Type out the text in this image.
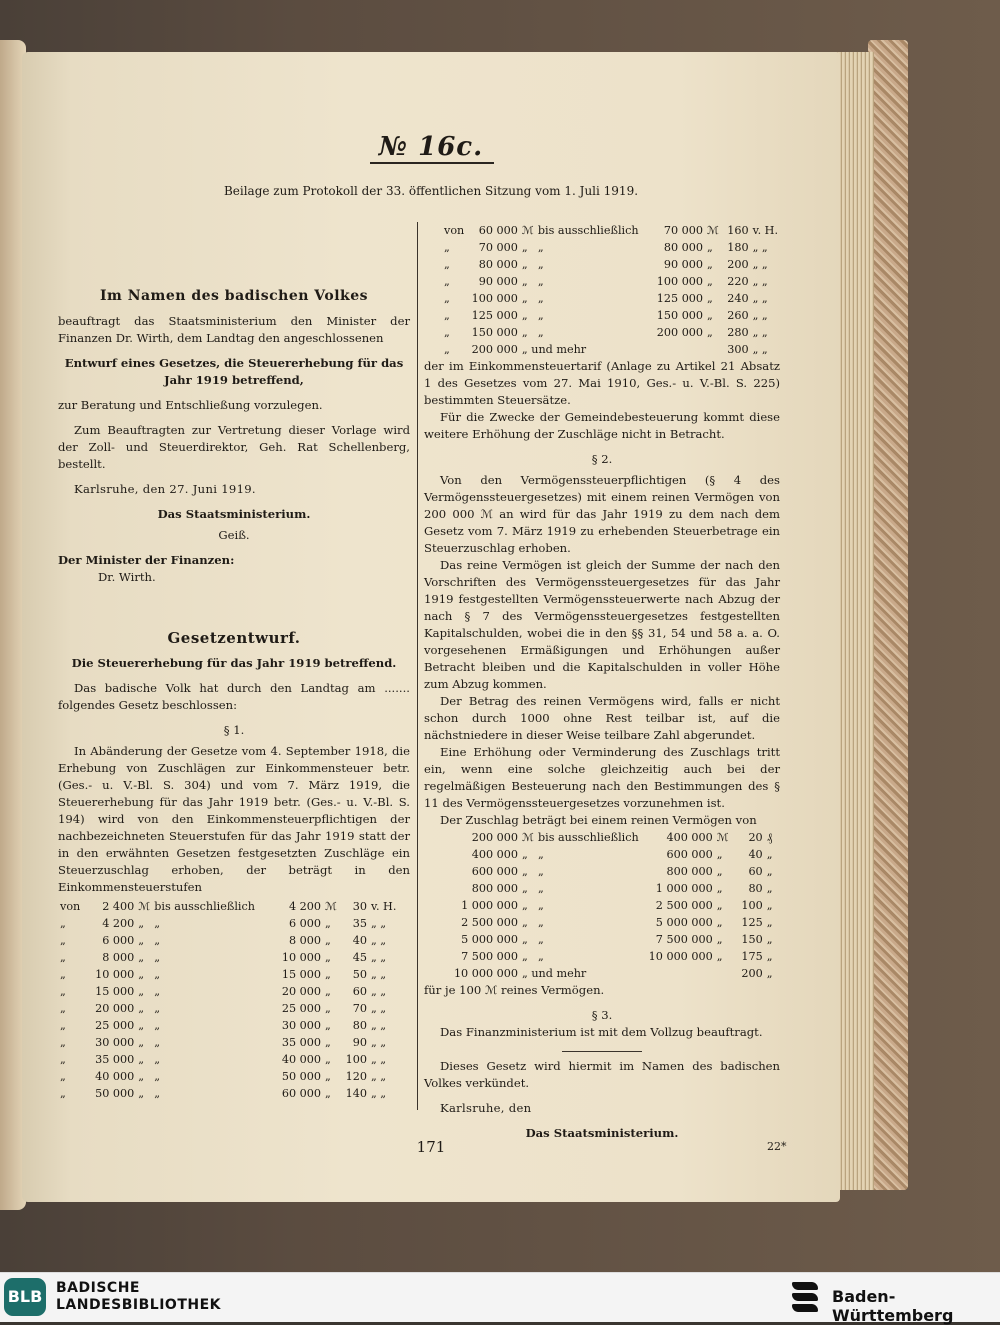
№ 16c.
Beilage zum Protokoll der 33. öffentlichen Sitzung vom 1. Juli 1919.
Im Namen des badischen Volkes

beauftragt das Staatsministerium den Minister der Finanzen Dr. Wirth, dem Landtag den angeschlossenen

Entwurf eines Gesetzes, die Steuererhebung für das Jahr 1919 betreffend,

zur Beratung und Entschließung vorzulegen.

Zum Beauftragten zur Vertretung dieser Vorlage wird der Zoll- und Steuerdirektor, Geh. Rat Schellenberg, bestellt.

Karlsruhe, den 27. Juni 1919.

Das Staatsministerium.

Geiß.

Der Minister der Finanzen:

Dr. Wirth.

Gesetzentwurf.

Die Steuererhebung für das Jahr 1919 betreffend.

Das badische Volk hat durch den Landtag am ....... folgendes Gesetz beschlossen:

§ 1.

In Abänderung der Gesetze vom 4. September 1918, die Erhebung von Zuschlägen zur Einkommensteuer betr. (Ges.- u. V.-Bl. S. 304) und vom 7. März 1919, die Steuererhebung für das Jahr 1919 betr. (Ges.- u. V.-Bl. S. 194) wird von den Einkommensteuerpflichtigen der nachbezeichneten Steuerstufen für das Jahr 1919 statt der in den erwähnten Gesetzen festgesetzten Zuschläge ein Steuerzuschlag erhoben, der beträgt in den Einkommensteuerstufen

von	2 400	ℳ	bis ausschließlich	4 200	ℳ	30	v. H.
„	4 200	„	„	6 000	„	35	„ „
„	6 000	„	„	8 000	„	40	„ „
„	8 000	„	„	10 000	„	45	„ „
„	10 000	„	„	15 000	„	50	„ „
„	15 000	„	„	20 000	„	60	„ „
„	20 000	„	„	25 000	„	70	„ „
„	25 000	„	„	30 000	„	80	„ „
„	30 000	„	„	35 000	„	90	„ „
„	35 000	„	„	40 000	„	100	„ „
„	40 000	„	„	50 000	„	120	„ „
„	50 000	„	„	60 000	„	140	„ „
von	60 000	ℳ	bis ausschließlich	70 000	ℳ	160	v. H.
„	70 000	„	„	80 000	„	180	„ „
„	80 000	„	„	90 000	„	200	„ „
„	90 000	„	„	100 000	„	220	„ „
„	100 000	„	„	125 000	„	240	„ „
„	125 000	„	„	150 000	„	260	„ „
„	150 000	„	„	200 000	„	280	„ „
„	200 000	„ und mehr				300	„ „

der im Einkommensteuertarif (Anlage zu Artikel 21 Absatz 1 des Gesetzes vom 27. Mai 1910, Ges.- u. V.-Bl. S. 225) bestimmten Steuersätze.

Für die Zwecke der Gemeindebesteuerung kommt diese weitere Erhöhung der Zuschläge nicht in Betracht.

§ 2.

Von den Vermögenssteuerpflichtigen (§ 4 des Vermögenssteuergesetzes) mit einem reinen Vermögen von 200 000 ℳ an wird für das Jahr 1919 zu dem nach dem Gesetz vom 7. März 1919 zu erhebenden Steuerbetrage ein Steuerzuschlag erhoben.

Das reine Vermögen ist gleich der Summe der nach den Vorschriften des Vermögenssteuergesetzes für das Jahr 1919 festgestellten Vermögenssteuerwerte nach Abzug der nach § 7 des Vermögenssteuergesetzes festgestellten Kapitalschulden, wobei die in den §§ 31, 54 und 58 a. a. O. vorgesehenen Ermäßigungen und Erhöhungen außer Betracht bleiben und die Kapitalschulden in voller Höhe zum Abzug kommen.

Der Betrag des reinen Vermögens wird, falls er nicht schon durch 1000 ohne Rest teilbar ist, auf die nächstniedere in dieser Weise teilbare Zahl abgerundet.

Eine Erhöhung oder Verminderung des Zuschlags tritt ein, wenn eine solche gleichzeitig auch bei der regelmäßigen Besteuerung nach den Bestimmungen des § 11 des Vermögenssteuergesetzes vorzunehmen ist.

Der Zuschlag beträgt bei einem reinen Vermögen von

200 000	ℳ	bis ausschließlich	400 000	ℳ	20	₰
400 000	„	„	600 000	„	40	„
600 000	„	„	800 000	„	60	„
800 000	„	„	1 000 000	„	80	„
1 000 000	„	„	2 500 000	„	100	„
2 500 000	„	„	5 000 000	„	125	„
5 000 000	„	„	7 500 000	„	150	„
7 500 000	„	„	10 000 000	„	175	„
10 000 000	„ und mehr				200	„

für je 100 ℳ reines Vermögen.

§ 3.

Das Finanzministerium ist mit dem Vollzug beauftragt.

Dieses Gesetz wird hiermit im Namen des badischen Volkes verkündet.

Karlsruhe, den

Das Staatsministerium.

171	22*
BLB BADISCHE
LANDESBIBLIOTHEK	Baden-Württemberg
